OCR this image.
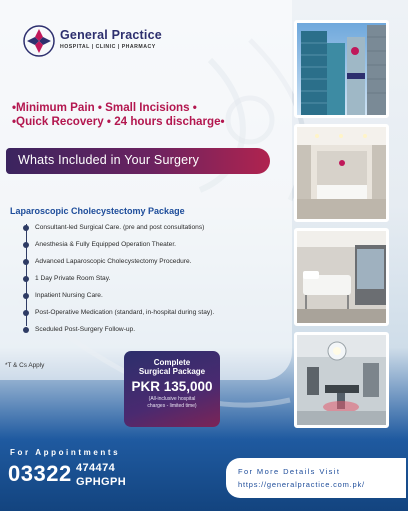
General Practice
HOSPITAL | CLINIC | PHARMACY
•Minimum Pain • Small Incisions •
•Quick Recovery • 24 hours discharge•
Whats Included in Your Surgery
Laparoscopic Cholecystectomy Package
Consultant-led Surgical Care. (pre and post consultations)
Anesthesia & Fully Equipped Operation Theater.
Advanced Laparoscopic Cholecystectomy Procedure.
1 Day Private Room Stay.
Inpatient Nursing Care.
Post-Operative Medication (standard, in-hospital during stay).
Sceduled Post-Surgery Follow-up.
*T & Cs Apply	Complete
Surgical Package
PKR 135,000
(All-inclusive hospital
charges - limited time)
For Appointments
03322 474474
GPHGPH
For More Details Visit
https://generalpractice.com.pk/
